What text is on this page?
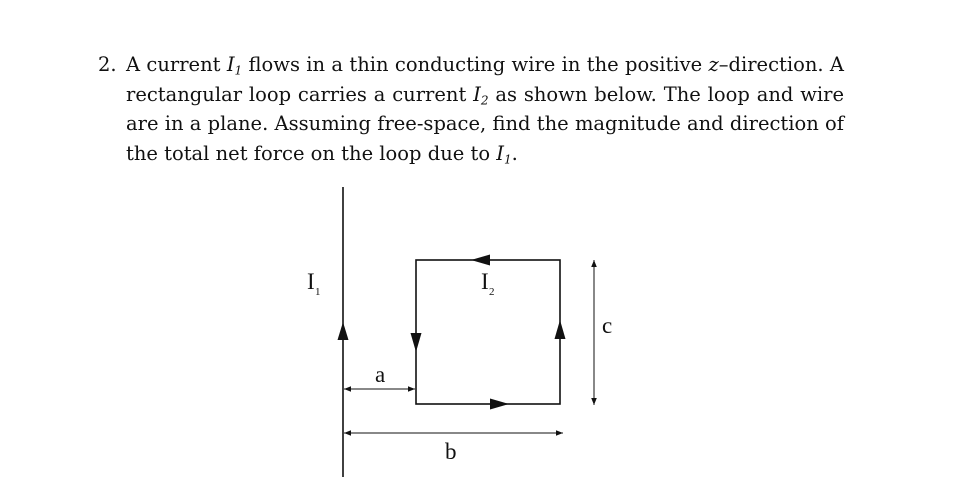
2. A current $I_1$ flows in a thin conducting wire in the positive z–direction. A rectangular loop carries a current $I_2$ as shown below. The loop and wire are in a plane. Assuming free-space, find the magnitude and direction of the total net force on the loop due to $I_1$.
I 1	I 2
a
b
c
